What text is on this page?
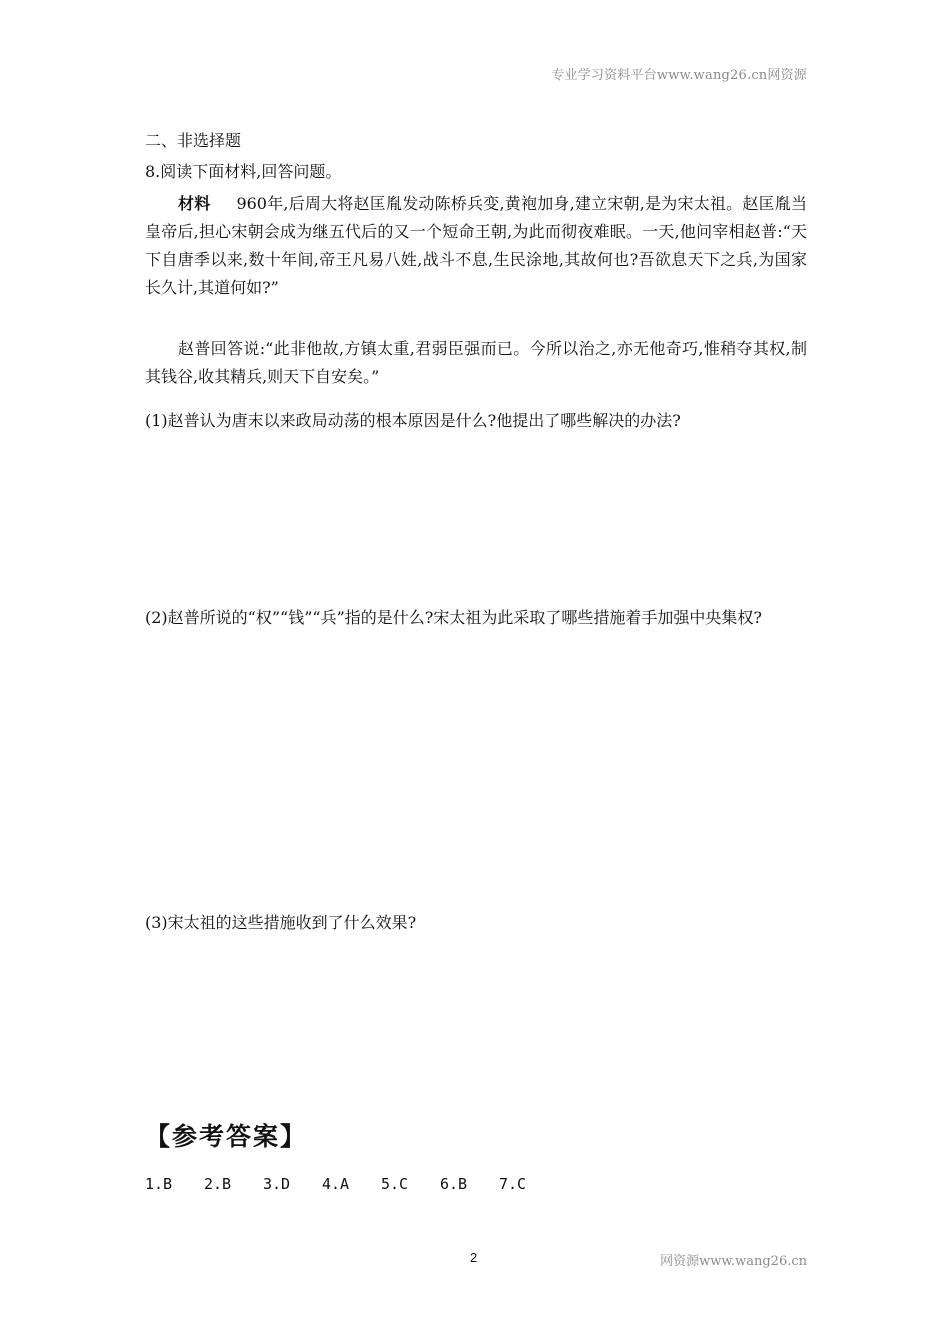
专业学习资料平台www.wang26.cn网资源
二、非选择题
8.阅读下面材料,回答问题。

材料 960年,后周大将赵匡胤发动陈桥兵变,黄袍加身,建立宋朝,是为宋太祖。赵匡胤当皇帝后,担心宋朝会成为继五代后的又一个短命王朝,为此而彻夜难眠。一天,他问宰相赵普:“天下自唐季以来,数十年间,帝王凡易八姓,战斗不息,生民涂地,其故何也?吾欲息天下之兵,为国家长久计,其道何如?”

赵普回答说:“此非他故,方镇太重,君弱臣强而已。今所以治之,亦无他奇巧,惟稍夺其权,制其钱谷,收其精兵,则天下自安矣。”

(1)赵普认为唐末以来政局动荡的根本原因是什么?他提出了哪些解决的办法?

(2)赵普所说的“权”“钱”“兵”指的是什么?宋太祖为此采取了哪些措施着手加强中央集权?

(3)宋太祖的这些措施收到了什么效果?

【参考答案】
1.B	2.B	3.D	4.A	5.C	6.B	7.C
2	网资源www.wang26.cn
